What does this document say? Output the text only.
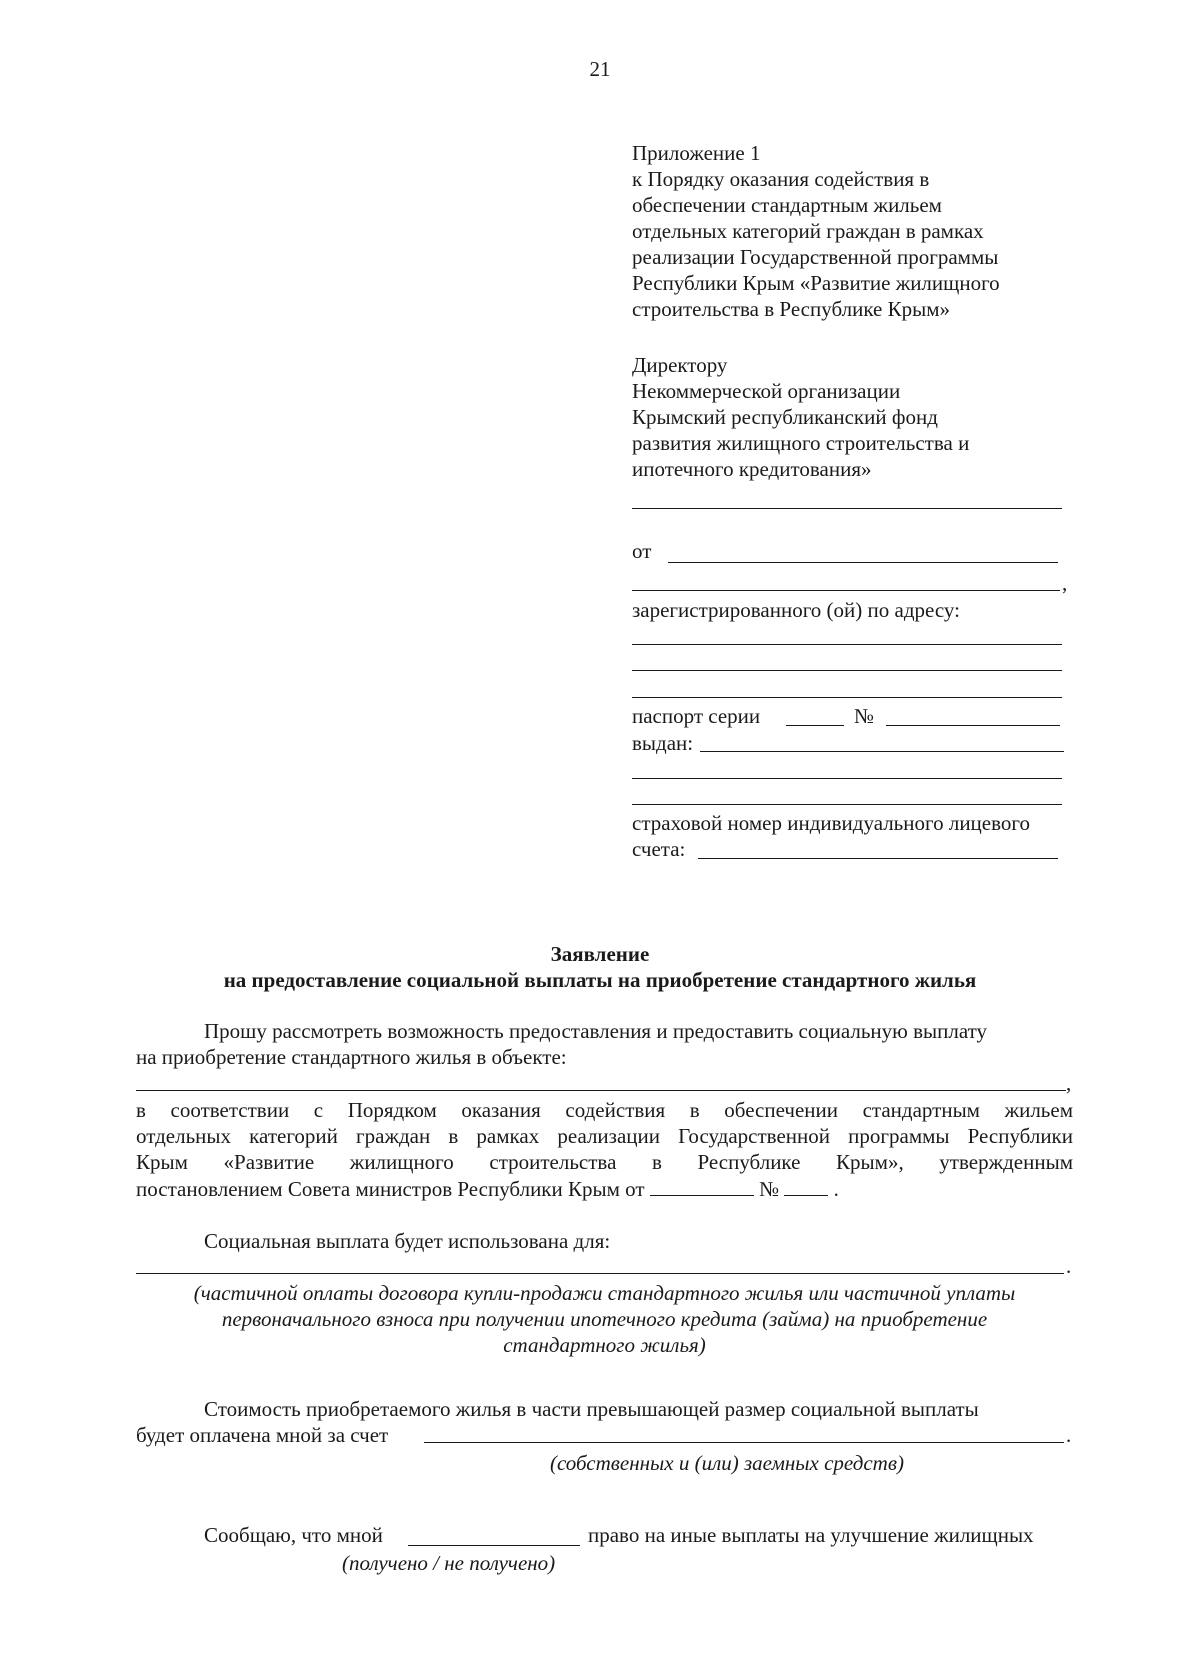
21
Приложение 1
к Порядку оказания содействия в
обеспечении стандартным жильем
отдельных категорий граждан в рамках
реализации Государственной программы
Республики Крым «Развитие жилищного
строительства в Республике Крым»
Директору
Некоммерческой организации
Крымский республиканский фонд
развития жилищного строительства и
ипотечного кредитования»
от
,
зарегистрированного (ой) по адресу:
паспорт серии	№
выдан:
страховой номер индивидуального лицевого
счета:
Заявление
на предоставление социальной выплаты на приобретение стандартного жилья
Прошу рассмотреть возможность предоставления и предоставить социальную выплату
на приобретение стандартного жилья в объекте:
,
в соответствии с Порядком оказания содействия в обеспечении стандартным жильем
отдельных категорий граждан в рамках реализации Государственной программы Республики
Крым «Развитие жилищного строительства в Республике Крым», утвержденным
постановлением Совета министров Республики Крым от	№	.
Социальная выплата будет использована для:
.
(частичной оплаты договора купли-продажи стандартного жилья или частичной уплаты
первоначального взноса при получении ипотечного кредита (займа) на приобретение
стандартного жилья)
Стоимость приобретаемого жилья в части превышающей размер социальной выплаты
будет оплачена мной за счет	.
(собственных и (или) заемных средств)
Сообщаю, что мной	право на иные выплаты на улучшение жилищных
(получено / не получено)
